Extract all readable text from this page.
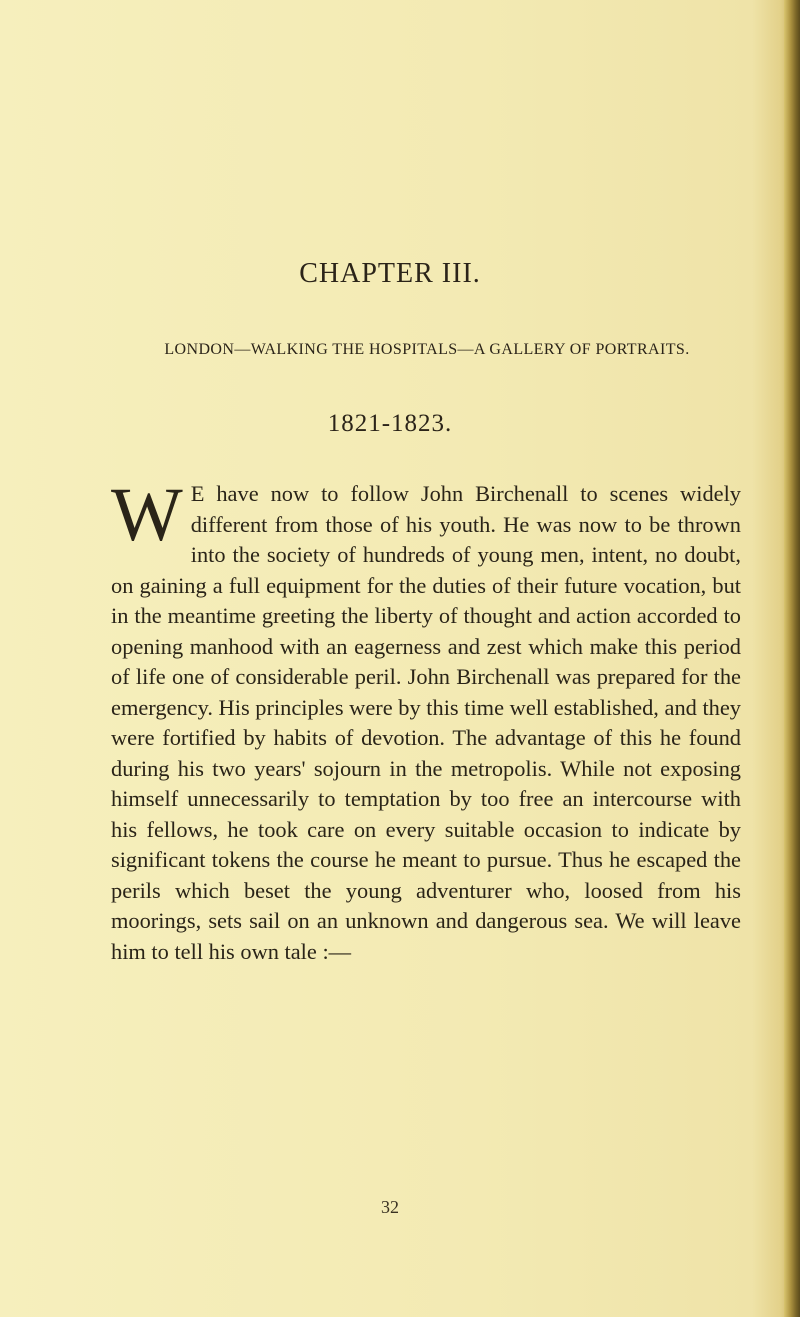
CHAPTER III.
LONDON—WALKING THE HOSPITALS—A GALLERY OF PORTRAITS.
1821-1823.
W E have now to follow John Birchenall to scenes widely different from those of his youth. He was now to be thrown into the society of hundreds of young men, intent, no doubt, on gaining a full equipment for the duties of their future vocation, but in the meantime greeting the liberty of thought and action accorded to opening manhood with an eagerness and zest which make this period of life one of considerable peril. John Birchenall was prepared for the emergency. His principles were by this time well established, and they were fortified by habits of devotion. The advantage of this he found during his two years' sojourn in the metropolis. While not exposing himself unnecessarily to temptation by too free an intercourse with his fellows, he took care on every suitable occasion to indicate by significant tokens the course he meant to pursue. Thus he escaped the perils which beset the young adventurer who, loosed from his moorings, sets sail on an unknown and dangerous sea. We will leave him to tell his own tale :—
32
